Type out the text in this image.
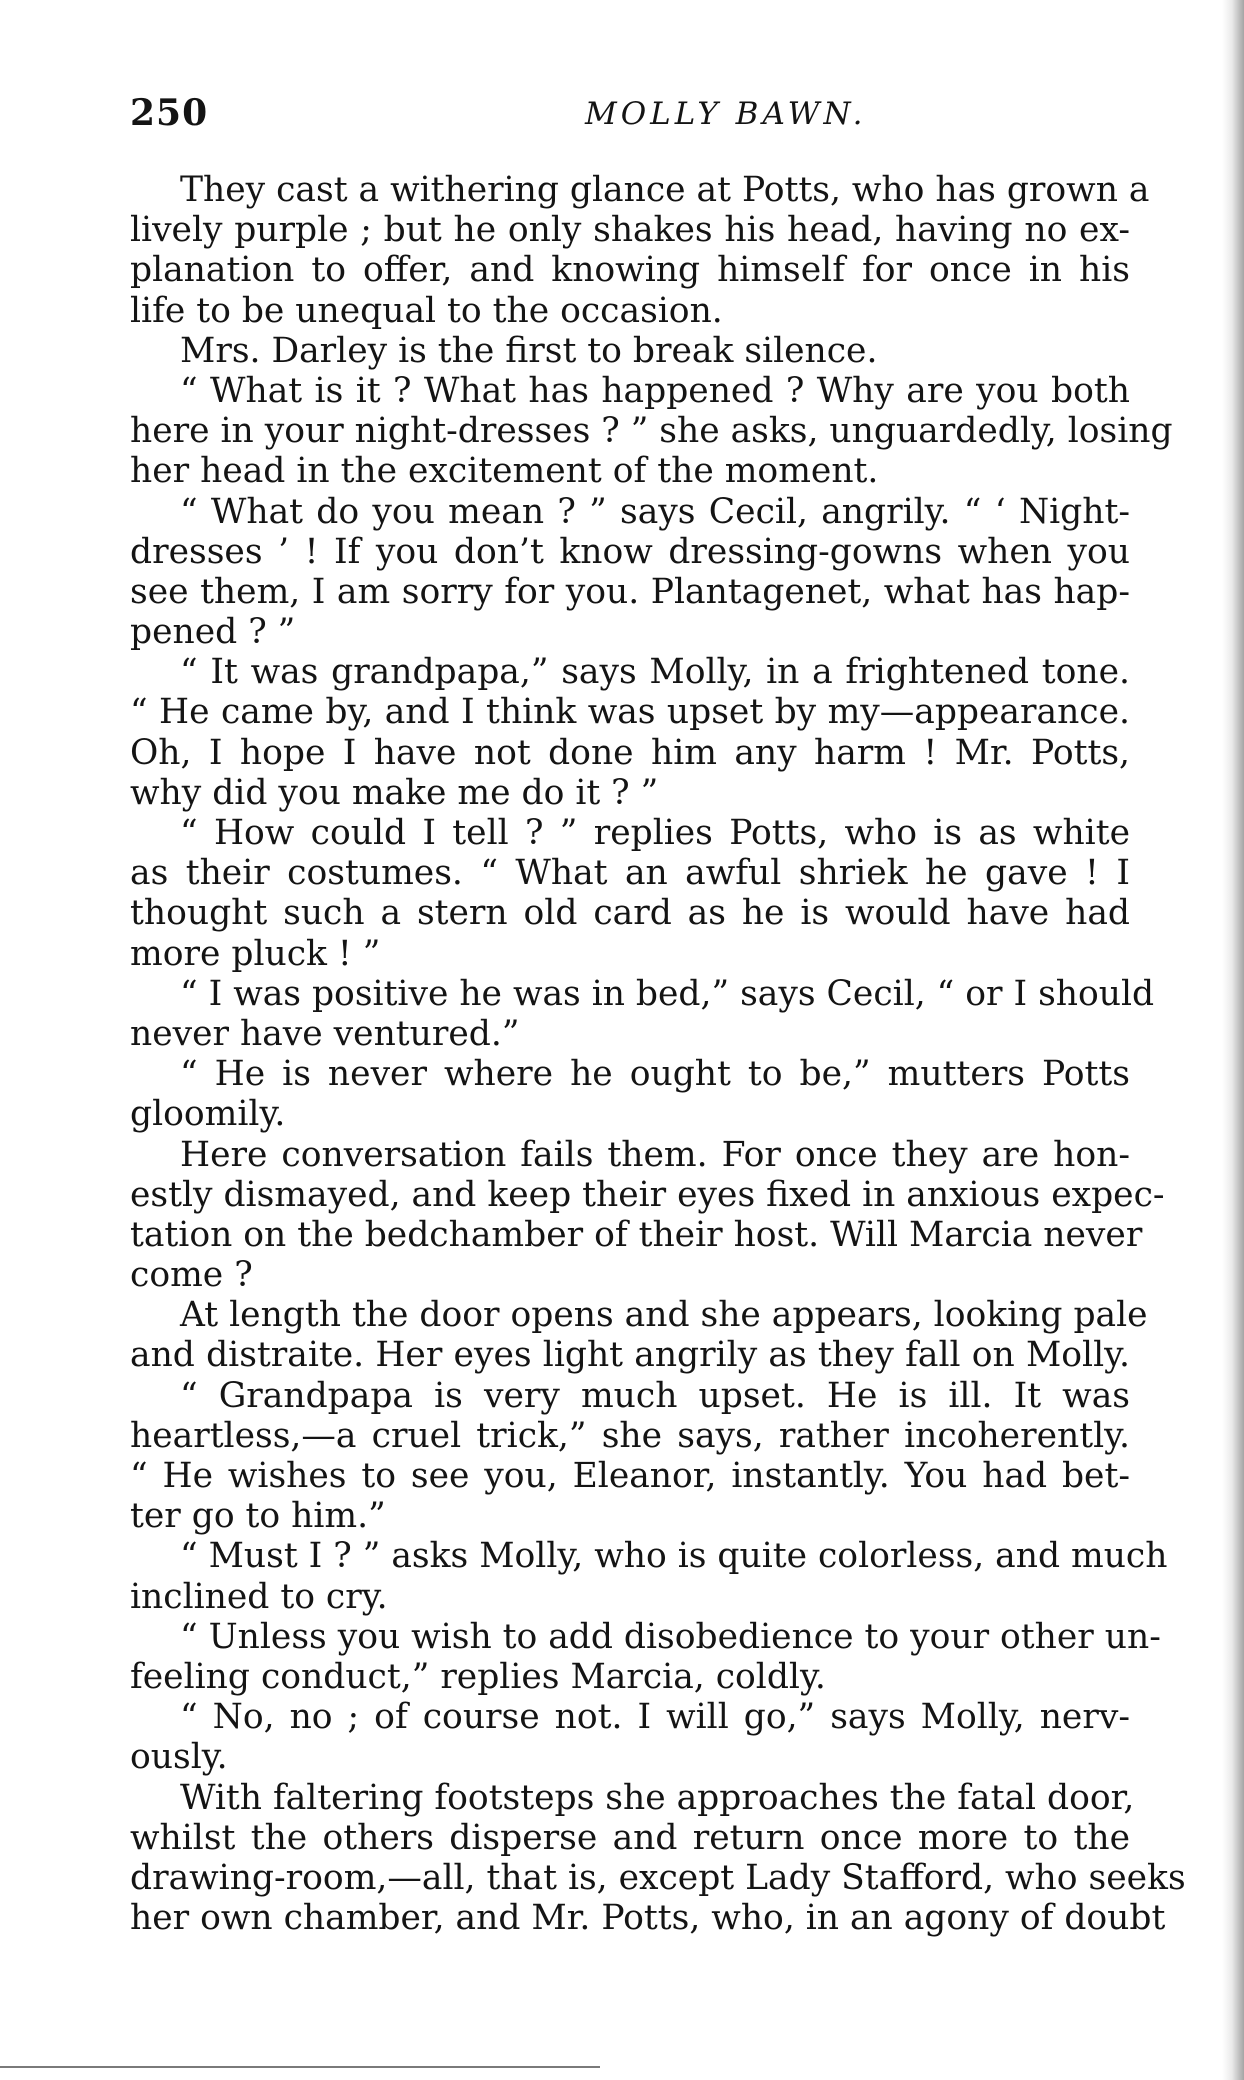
250	MOLLY BAWN.
They cast a withering glance at Potts, who has grown a
lively purple ; but he only shakes his head, having no ex-
planation to offer, and knowing himself for once in his
life to be unequal to the occasion.
Mrs. Darley is the first to break silence.
“ What is it ? What has happened ? Why are you both
here in your night-dresses ? ” she asks, unguardedly, losing
her head in the excitement of the moment.
“ What do you mean ? ” says Cecil, angrily. “ ‘ Night-
dresses ’ ! If you don’t know dressing-gowns when you
see them, I am sorry for you. Plantagenet, what has hap-
pened ? ”
“ It was grandpapa,” says Molly, in a frightened tone.
“ He came by, and I think was upset by my—appearance.
Oh, I hope I have not done him any harm ! Mr. Potts,
why did you make me do it ? ”
“ How could I tell ? ” replies Potts, who is as white
as their costumes. “ What an awful shriek he gave ! I
thought such a stern old card as he is would have had
more pluck ! ”
“ I was positive he was in bed,” says Cecil, “ or I should
never have ventured.”
“ He is never where he ought to be,” mutters Potts
gloomily.
Here conversation fails them. For once they are hon-
estly dismayed, and keep their eyes fixed in anxious expec-
tation on the bedchamber of their host. Will Marcia never
come ?
At length the door opens and she appears, looking pale
and distraite. Her eyes light angrily as they fall on Molly.
“ Grandpapa is very much upset. He is ill. It was
heartless,—a cruel trick,” she says, rather incoherently.
“ He wishes to see you, Eleanor, instantly. You had bet-
ter go to him.”
“ Must I ? ” asks Molly, who is quite colorless, and much
inclined to cry.
“ Unless you wish to add disobedience to your other un-
feeling conduct,” replies Marcia, coldly.
“ No, no ; of course not. I will go,” says Molly, nerv-
ously.
With faltering footsteps she approaches the fatal door,
whilst the others disperse and return once more to the
drawing-room,—all, that is, except Lady Stafford, who seeks
her own chamber, and Mr. Potts, who, in an agony of doubt
